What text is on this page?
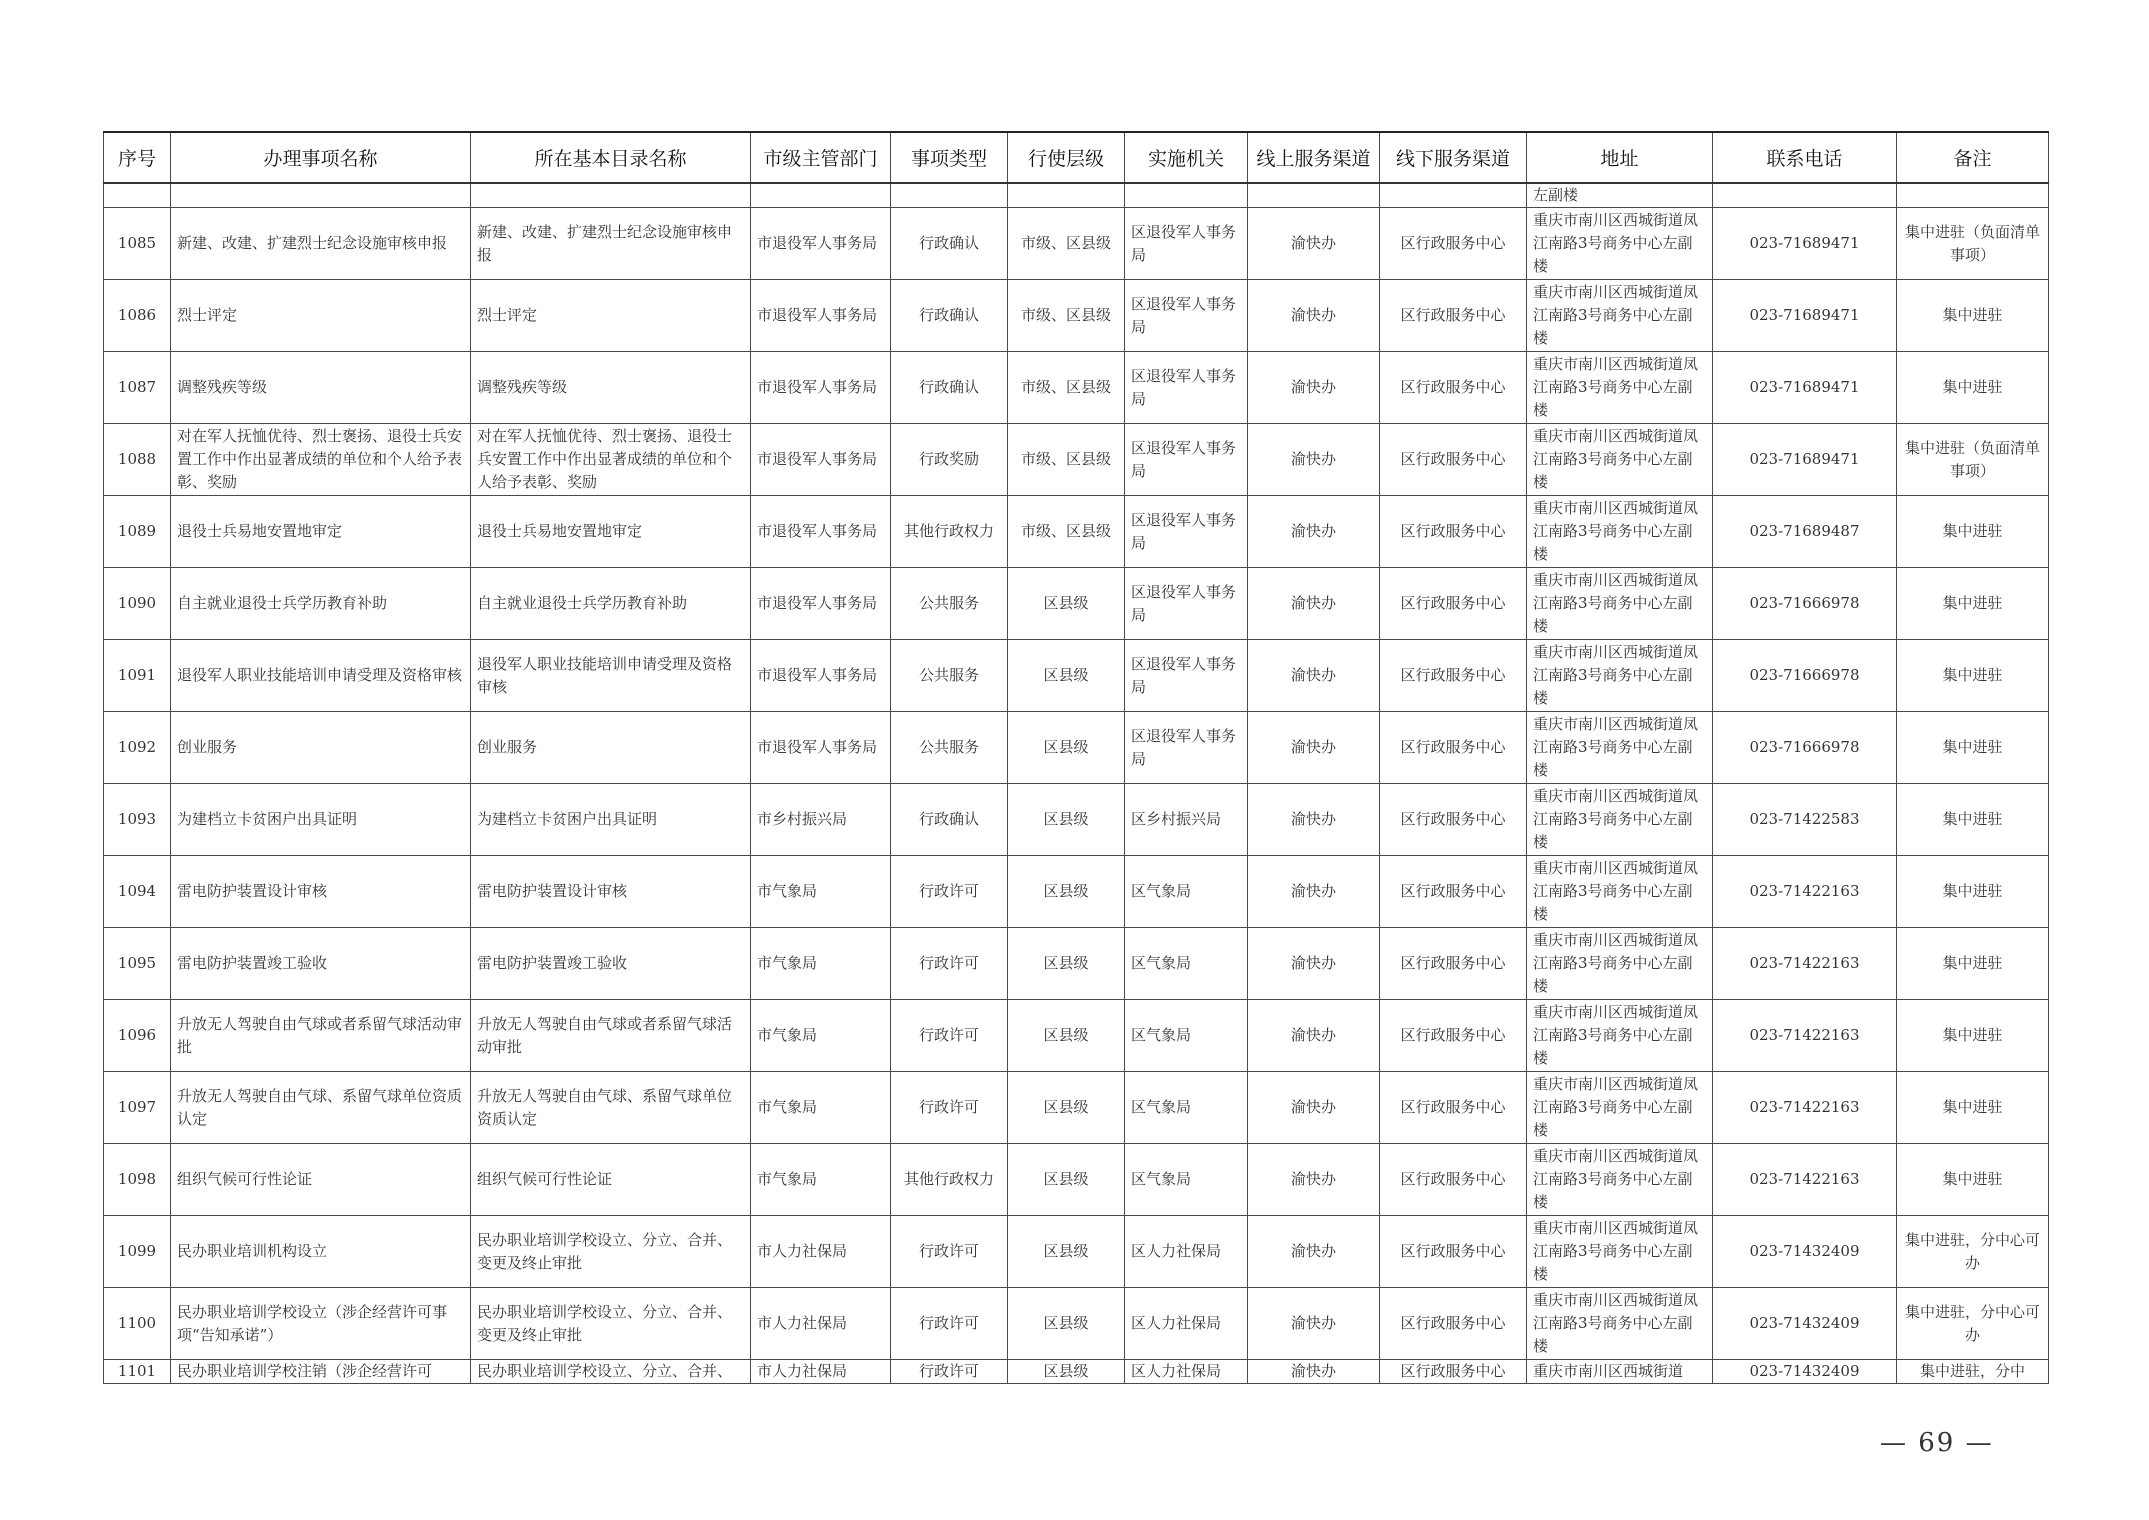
序号	办理事项名称	所在基本目录名称	市级主管部门	事项类型	行使层级	实施机关	线上服务渠道	线下服务渠道	地址	联系电话	备注
									左副楼		
1085	新建、改建、扩建烈士纪念设施审核申报	新建、改建、扩建烈士纪念设施审核申报	市退役军人事务局	行政确认	市级、区县级	区退役军人事务局	渝快办	区行政服务中心	重庆市南川区西城街道凤江南路3号商务中心左副楼	023-71689471	集中进驻（负面清单事项）
1086	烈士评定	烈士评定	市退役军人事务局	行政确认	市级、区县级	区退役军人事务局	渝快办	区行政服务中心	重庆市南川区西城街道凤江南路3号商务中心左副楼	023-71689471	集中进驻
1087	调整残疾等级	调整残疾等级	市退役军人事务局	行政确认	市级、区县级	区退役军人事务局	渝快办	区行政服务中心	重庆市南川区西城街道凤江南路3号商务中心左副楼	023-71689471	集中进驻
1088	对在军人抚恤优待、烈士褒扬、退役士兵安置工作中作出显著成绩的单位和个人给予表彰、奖励	对在军人抚恤优待、烈士褒扬、退役士兵安置工作中作出显著成绩的单位和个人给予表彰、奖励	市退役军人事务局	行政奖励	市级、区县级	区退役军人事务局	渝快办	区行政服务中心	重庆市南川区西城街道凤江南路3号商务中心左副楼	023-71689471	集中进驻（负面清单事项）
1089	退役士兵易地安置地审定	退役士兵易地安置地审定	市退役军人事务局	其他行政权力	市级、区县级	区退役军人事务局	渝快办	区行政服务中心	重庆市南川区西城街道凤江南路3号商务中心左副楼	023-71689487	集中进驻
1090	自主就业退役士兵学历教育补助	自主就业退役士兵学历教育补助	市退役军人事务局	公共服务	区县级	区退役军人事务局	渝快办	区行政服务中心	重庆市南川区西城街道凤江南路3号商务中心左副楼	023-71666978	集中进驻
1091	退役军人职业技能培训申请受理及资格审核	退役军人职业技能培训申请受理及资格审核	市退役军人事务局	公共服务	区县级	区退役军人事务局	渝快办	区行政服务中心	重庆市南川区西城街道凤江南路3号商务中心左副楼	023-71666978	集中进驻
1092	创业服务	创业服务	市退役军人事务局	公共服务	区县级	区退役军人事务局	渝快办	区行政服务中心	重庆市南川区西城街道凤江南路3号商务中心左副楼	023-71666978	集中进驻
1093	为建档立卡贫困户出具证明	为建档立卡贫困户出具证明	市乡村振兴局	行政确认	区县级	区乡村振兴局	渝快办	区行政服务中心	重庆市南川区西城街道凤江南路3号商务中心左副楼	023-71422583	集中进驻
1094	雷电防护装置设计审核	雷电防护装置设计审核	市气象局	行政许可	区县级	区气象局	渝快办	区行政服务中心	重庆市南川区西城街道凤江南路3号商务中心左副楼	023-71422163	集中进驻
1095	雷电防护装置竣工验收	雷电防护装置竣工验收	市气象局	行政许可	区县级	区气象局	渝快办	区行政服务中心	重庆市南川区西城街道凤江南路3号商务中心左副楼	023-71422163	集中进驻
1096	升放无人驾驶自由气球或者系留气球活动审批	升放无人驾驶自由气球或者系留气球活动审批	市气象局	行政许可	区县级	区气象局	渝快办	区行政服务中心	重庆市南川区西城街道凤江南路3号商务中心左副楼	023-71422163	集中进驻
1097	升放无人驾驶自由气球、系留气球单位资质认定	升放无人驾驶自由气球、系留气球单位资质认定	市气象局	行政许可	区县级	区气象局	渝快办	区行政服务中心	重庆市南川区西城街道凤江南路3号商务中心左副楼	023-71422163	集中进驻
1098	组织气候可行性论证	组织气候可行性论证	市气象局	其他行政权力	区县级	区气象局	渝快办	区行政服务中心	重庆市南川区西城街道凤江南路3号商务中心左副楼	023-71422163	集中进驻
1099	民办职业培训机构设立	民办职业培训学校设立、分立、合并、变更及终止审批	市人力社保局	行政许可	区县级	区人力社保局	渝快办	区行政服务中心	重庆市南川区西城街道凤江南路3号商务中心左副楼	023-71432409	集中进驻，分中心可办
1100	民办职业培训学校设立（涉企经营许可事项“告知承诺”）	民办职业培训学校设立、分立、合并、变更及终止审批	市人力社保局	行政许可	区县级	区人力社保局	渝快办	区行政服务中心	重庆市南川区西城街道凤江南路3号商务中心左副楼	023-71432409	集中进驻，分中心可办
1101	民办职业培训学校注销（涉企经营许可	民办职业培训学校设立、分立、合并、	市人力社保局	行政许可	区县级	区人力社保局	渝快办	区行政服务中心	重庆市南川区西城街道	023-71432409	集中进驻，分中
— 69 —
